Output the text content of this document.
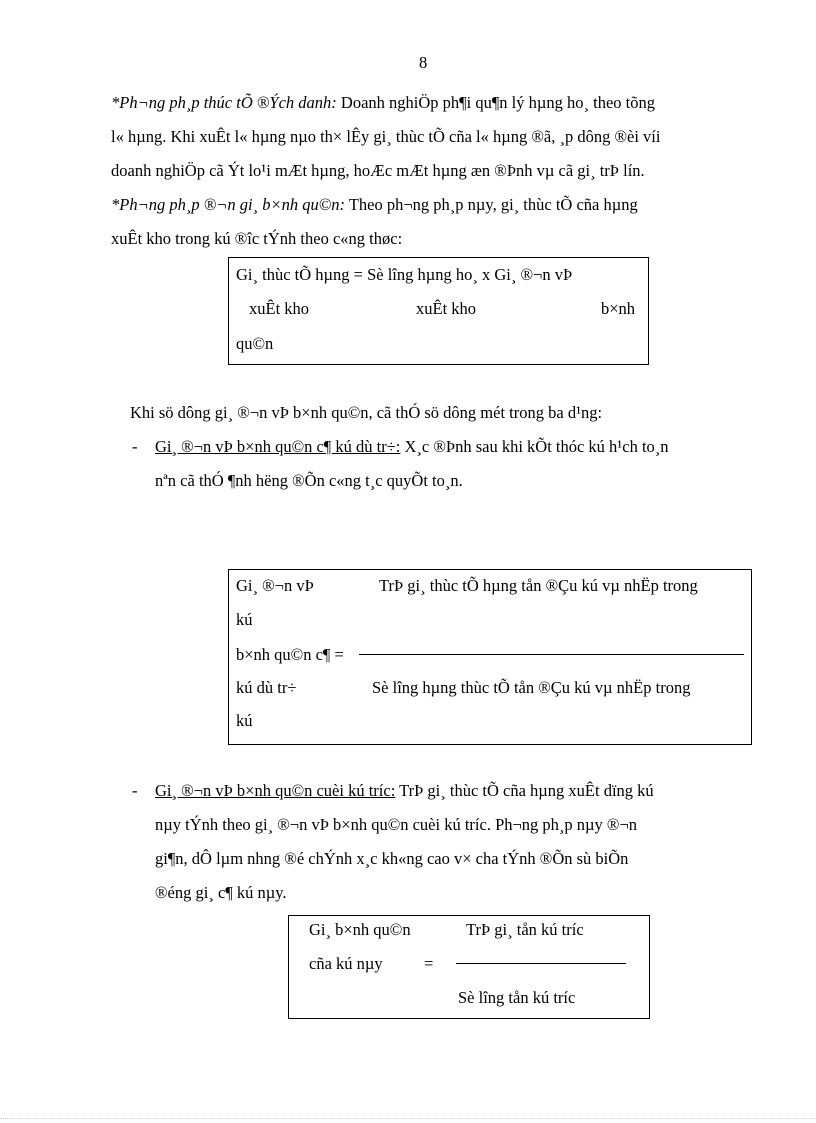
8
*Ph¬ng ph¸p thúc tÕ ®Ých danh: Doanh nghiÖp ph¶i qu¶n lý hµng ho¸ theo tõng
l« hµng. Khi xuÊt l« hµng nµo th× lÊy gi¸ thùc tÕ cña l« hµng ®ã, ¸p dông ®èi víi
doanh nghiÖp cã Ýt lo¹i mÆt hµng, hoÆc mÆt hµng æn ®Þnh vµ cã gi¸ trÞ lín.
*Ph¬ng ph¸p ®¬n gi¸ b×nh qu©n: Theo ph¬ng ph¸p nµy, gi¸ thùc tÕ cña hµng
xuÊt kho trong kú ®îc tÝnh theo c«ng thøc:
Gi¸ thùc tÕ hµng = Sè lîng hµng ho¸ x Gi¸ ®¬n vÞ
xuÊt kho	xuÊt kho	b×nh
qu©n
Khi sö dông gi¸ ®¬n vÞ b×nh qu©n, cã thÓ sö dông mét trong ba d¹ng:
- Gi¸ ®¬n vÞ b×nh qu©n c¶ kú dù tr÷: X¸c ®Þnh sau khi kÕt thóc kú h¹ch to¸n
nªn cã thÓ ¶nh hëng ®Õn c«ng t¸c quyÕt to¸n.
Gi¸ ®¬n vÞ	TrÞ gi¸ thùc tÕ hµng tån ®Çu kú vµ nhËp trong
kú
b×nh qu©n c¶ =
kú dù tr÷	Sè lîng hµng thùc tÕ tån ®Çu kú vµ nhËp trong
kú
- Gi¸ ®¬n vÞ b×nh qu©n cuèi kú tríc: TrÞ gi¸ thùc tÕ cña hµng xuÊt dïng kú
nµy tÝnh theo gi¸ ®¬n vÞ b×nh qu©n cuèi kú tríc. Ph¬ng ph¸p nµy ®¬n
gi¶n, dÔ lµm nhng ®é chÝnh x¸c kh«ng cao v× cha tÝnh ®Õn sù biÕn
®éng gi¸ c¶ kú nµy.
Gi¸ b×nh qu©n	TrÞ gi¸ tån kú tríc
cña kú nµy	=
Sè lîng tån kú tríc
